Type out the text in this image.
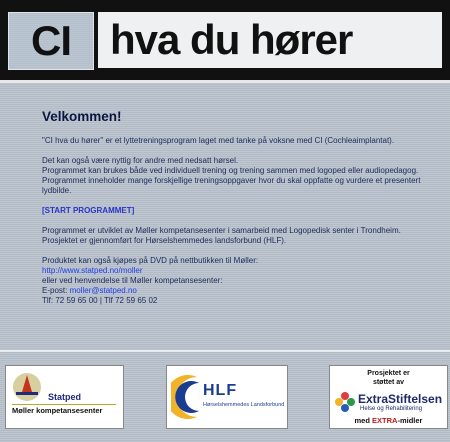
CI hva du hører
Velkommen!

"CI hva du hører" er et lyttetreningsprogram laget med tanke på voksne med CI (Cochleaimplantat).

Det kan også være nyttig for andre med nedsatt hørsel.

Programmet kan brukes både ved individuell trening og trening sammen med logoped eller audiopedagog.

Programmet inneholder mange forskjellige treningsoppgaver hvor du skal oppfatte og vurdere et presentert lydbilde.

[START PROGRAMMET]

Programmet er utviklet av Møller kompetansesenter i samarbeid med Logopedisk senter i Trondheim.

Prosjektet er gjennomført for Hørselshemmedes landsforbund (HLF).

Produktet kan også kjøpes på DVD på nettbutikken til Møller:

http://www.statped.no/moller

eller ved henvendelse til Møller kompetansesenter:

E-post: moller@statped.no

Tlf: 72 59 65 00 | Tlf 72 59 65 02

Statped
Møller kompetansesenter
HLF
Hørselshemmedes Landsforbund
Prosjektet er
støttet av
ExtraStiftelsen
Helse og Rehabilitering
med EXTRA-midler
